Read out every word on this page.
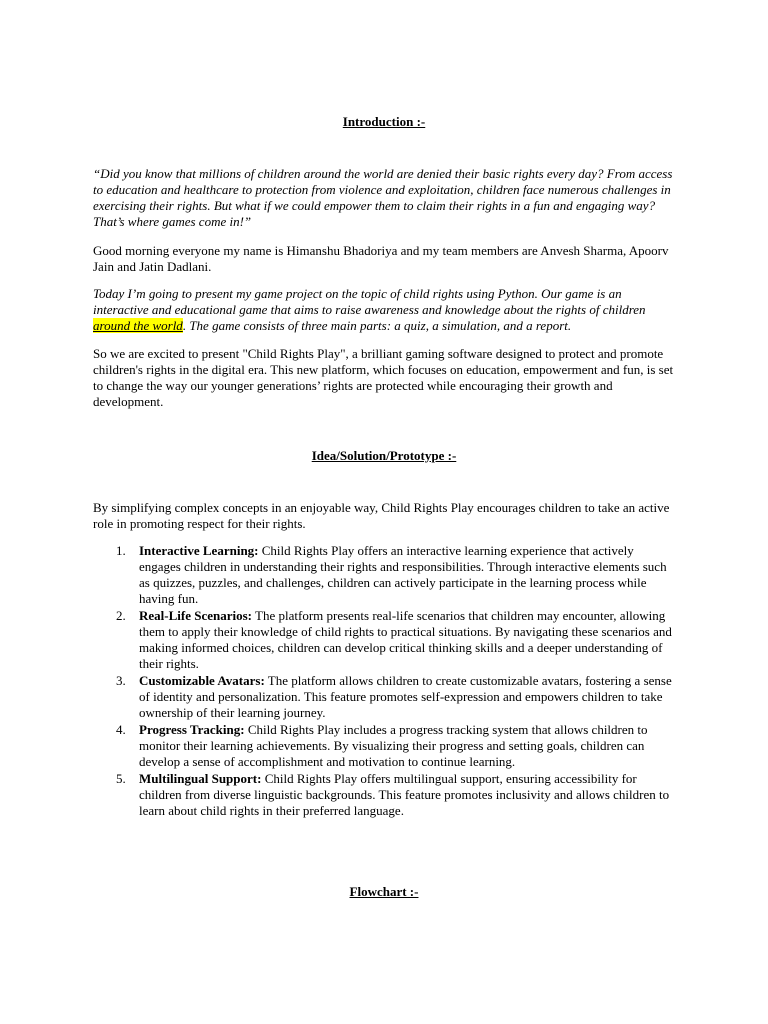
Introduction :-
“Did you know that millions of children around the world are denied their basic rights every day? From access to education and healthcare to protection from violence and exploitation, children face numerous challenges in exercising their rights. But what if we could empower them to claim their rights in a fun and engaging way? That’s where games come in!”
Good morning everyone my name is Himanshu Bhadoriya and my team members are Anvesh Sharma, Apoorv Jain and Jatin Dadlani.
Today I’m going to present my game project on the topic of child rights using Python. Our game is an interactive and educational game that aims to raise awareness and knowledge about the rights of children around the world. The game consists of three main parts: a quiz, a simulation, and a report.
So we are excited to present "Child Rights Play", a brilliant gaming software designed to protect and promote children's rights in the digital era. This new platform, which focuses on education, empowerment and fun, is set to change the way our younger generations’ rights are protected while encouraging their growth and development.
Idea/Solution/Prototype :-
By simplifying complex concepts in an enjoyable way, Child Rights Play encourages children to take an active role in promoting respect for their rights.
1. Interactive Learning: Child Rights Play offers an interactive learning experience that actively engages children in understanding their rights and responsibilities. Through interactive elements such as quizzes, puzzles, and challenges, children can actively participate in the learning process while having fun.
2. Real-Life Scenarios: The platform presents real-life scenarios that children may encounter, allowing them to apply their knowledge of child rights to practical situations. By navigating these scenarios and making informed choices, children can develop critical thinking skills and a deeper understanding of their rights.
3. Customizable Avatars: The platform allows children to create customizable avatars, fostering a sense of identity and personalization. This feature promotes self-expression and empowers children to take ownership of their learning journey.
4. Progress Tracking: Child Rights Play includes a progress tracking system that allows children to monitor their learning achievements. By visualizing their progress and setting goals, children can develop a sense of accomplishment and motivation to continue learning.
5. Multilingual Support: Child Rights Play offers multilingual support, ensuring accessibility for children from diverse linguistic backgrounds. This feature promotes inclusivity and allows children to learn about child rights in their preferred language.
Flowchart :-
